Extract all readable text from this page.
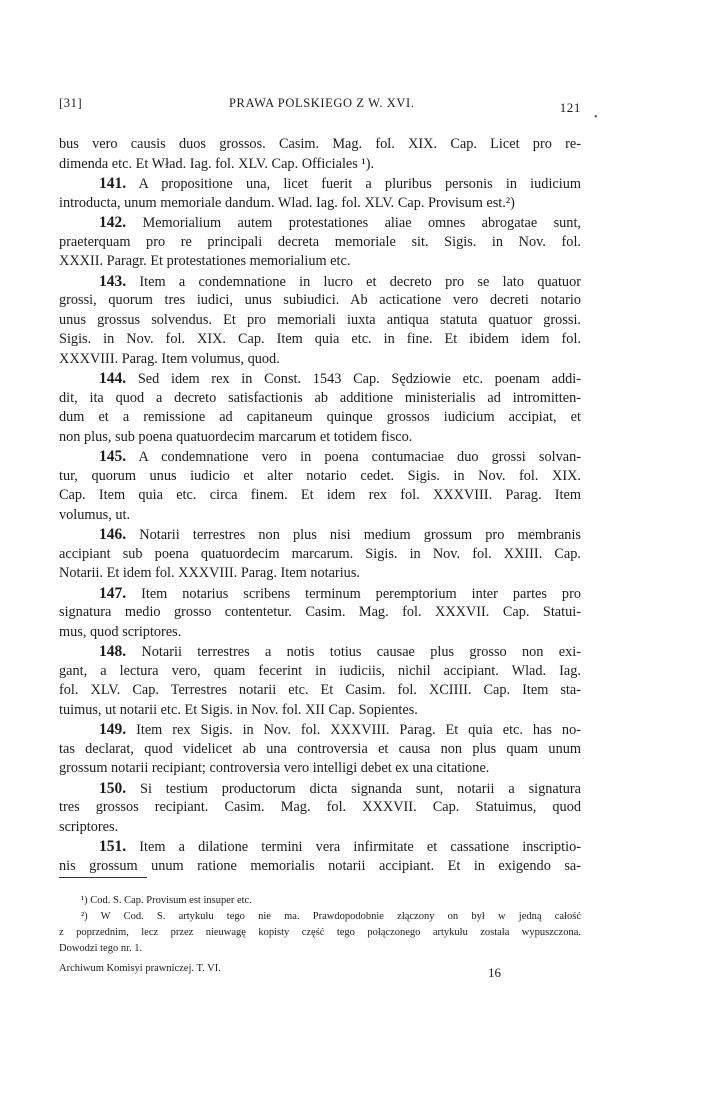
[31]	PRAWA POLSKIEGO Z W. XVI.	121
bus vero causis duos grossos. Casim. Mag. fol. XIX. Cap. Licet pro re-
dimenda etc. Et Wład. Iag. fol. XLV. Cap. Officiales ¹).
141. A propositione una, licet fuerit a pluribus personis in iudicium
introducta, unum memoriale dandum. Wlad. Iag. fol. XLV. Cap. Provisum est.²)
142. Memorialium autem protestationes aliae omnes abrogatae sunt,
praeterquam pro re principali decreta memoriale sit. Sigis. in Nov. fol.
XXXII. Paragr. Et protestationes memorialium etc.
143. Item a condemnatione in lucro et decreto pro se lato quatuor
grossi, quorum tres iudici, unus subiudici. Ab acticatione vero decreti notario
unus grossus solvendus. Et pro memoriali iuxta antiqua statuta quatuor grossi.
Sigis. in Nov. fol. XIX. Cap. Item quia etc. in fine. Et ibidem idem fol.
XXXVIII. Parag. Item volumus, quod.
144. Sed idem rex in Const. 1543 Cap. Sędziowie etc. poenam addi-
dit, ita quod a decreto satisfactionis ab additione ministerialis ad intromitten-
dum et a remissione ad capitaneum quinque grossos iudicium accipiat, et
non plus, sub poena quatuordecim marcarum et totidem fisco.
145. A condemnatione vero in poena contumaciae duo grossi solvan-
tur, quorum unus iudicio et alter notario cedet. Sigis. in Nov. fol. XIX.
Cap. Item quia etc. circa finem. Et idem rex fol. XXXVIII. Parag. Item
volumus, ut.
146. Notarii terrestres non plus nisi medium grossum pro membranis
accipiant sub poena quatuordecim marcarum. Sigis. in Nov. fol. XXIII. Cap.
Notarii. Et idem fol. XXXVIII. Parag. Item notarius.
147. Item notarius scribens terminum peremptorium inter partes pro
signatura medio grosso contentetur. Casim. Mag. fol. XXXVII. Cap. Statui-
mus, quod scriptores.
148. Notarii terrestres a notis totius causae plus grosso non exi-
gant, a lectura vero, quam fecerint in iudiciis, nichil accipiant. Wlad. Iag.
fol. XLV. Cap. Terrestres notarii etc. Et Casim. fol. XCIIII. Cap. Item sta-
tuimus, ut notarii etc. Et Sigis. in Nov. fol. XII Cap. Sopientes.
149. Item rex Sigis. in Nov. fol. XXXVIII. Parag. Et quia etc. has no-
tas declarat, quod videlicet ab una controversia et causa non plus quam unum
grossum notarii recipiant; controversia vero intelligi debet ex una citatione.
150. Si testium productorum dicta signanda sunt, notarii a signatura
tres grossos recipiant. Casim. Mag. fol. XXXVII. Cap. Statuimus, quod
scriptores.
151. Item a dilatione termini vera infirmitate et cassatione inscriptio-
nis grossum unum ratione memorialis notarii accipiant. Et in exigendo sa-
¹) Cod. S. Cap. Provisum est insuper etc.
²) W Cod. S. artykułu tego nie ma. Prawdopodobnie złączony on był w jedną całość
z poprzednim, lecz przez nieuwagę kopisty część tego połączonego artykułu została wypuszczona.
Dowodzi tego nr. 1.
Archiwum Komisyi prawniczej. T. VI.	16
•
